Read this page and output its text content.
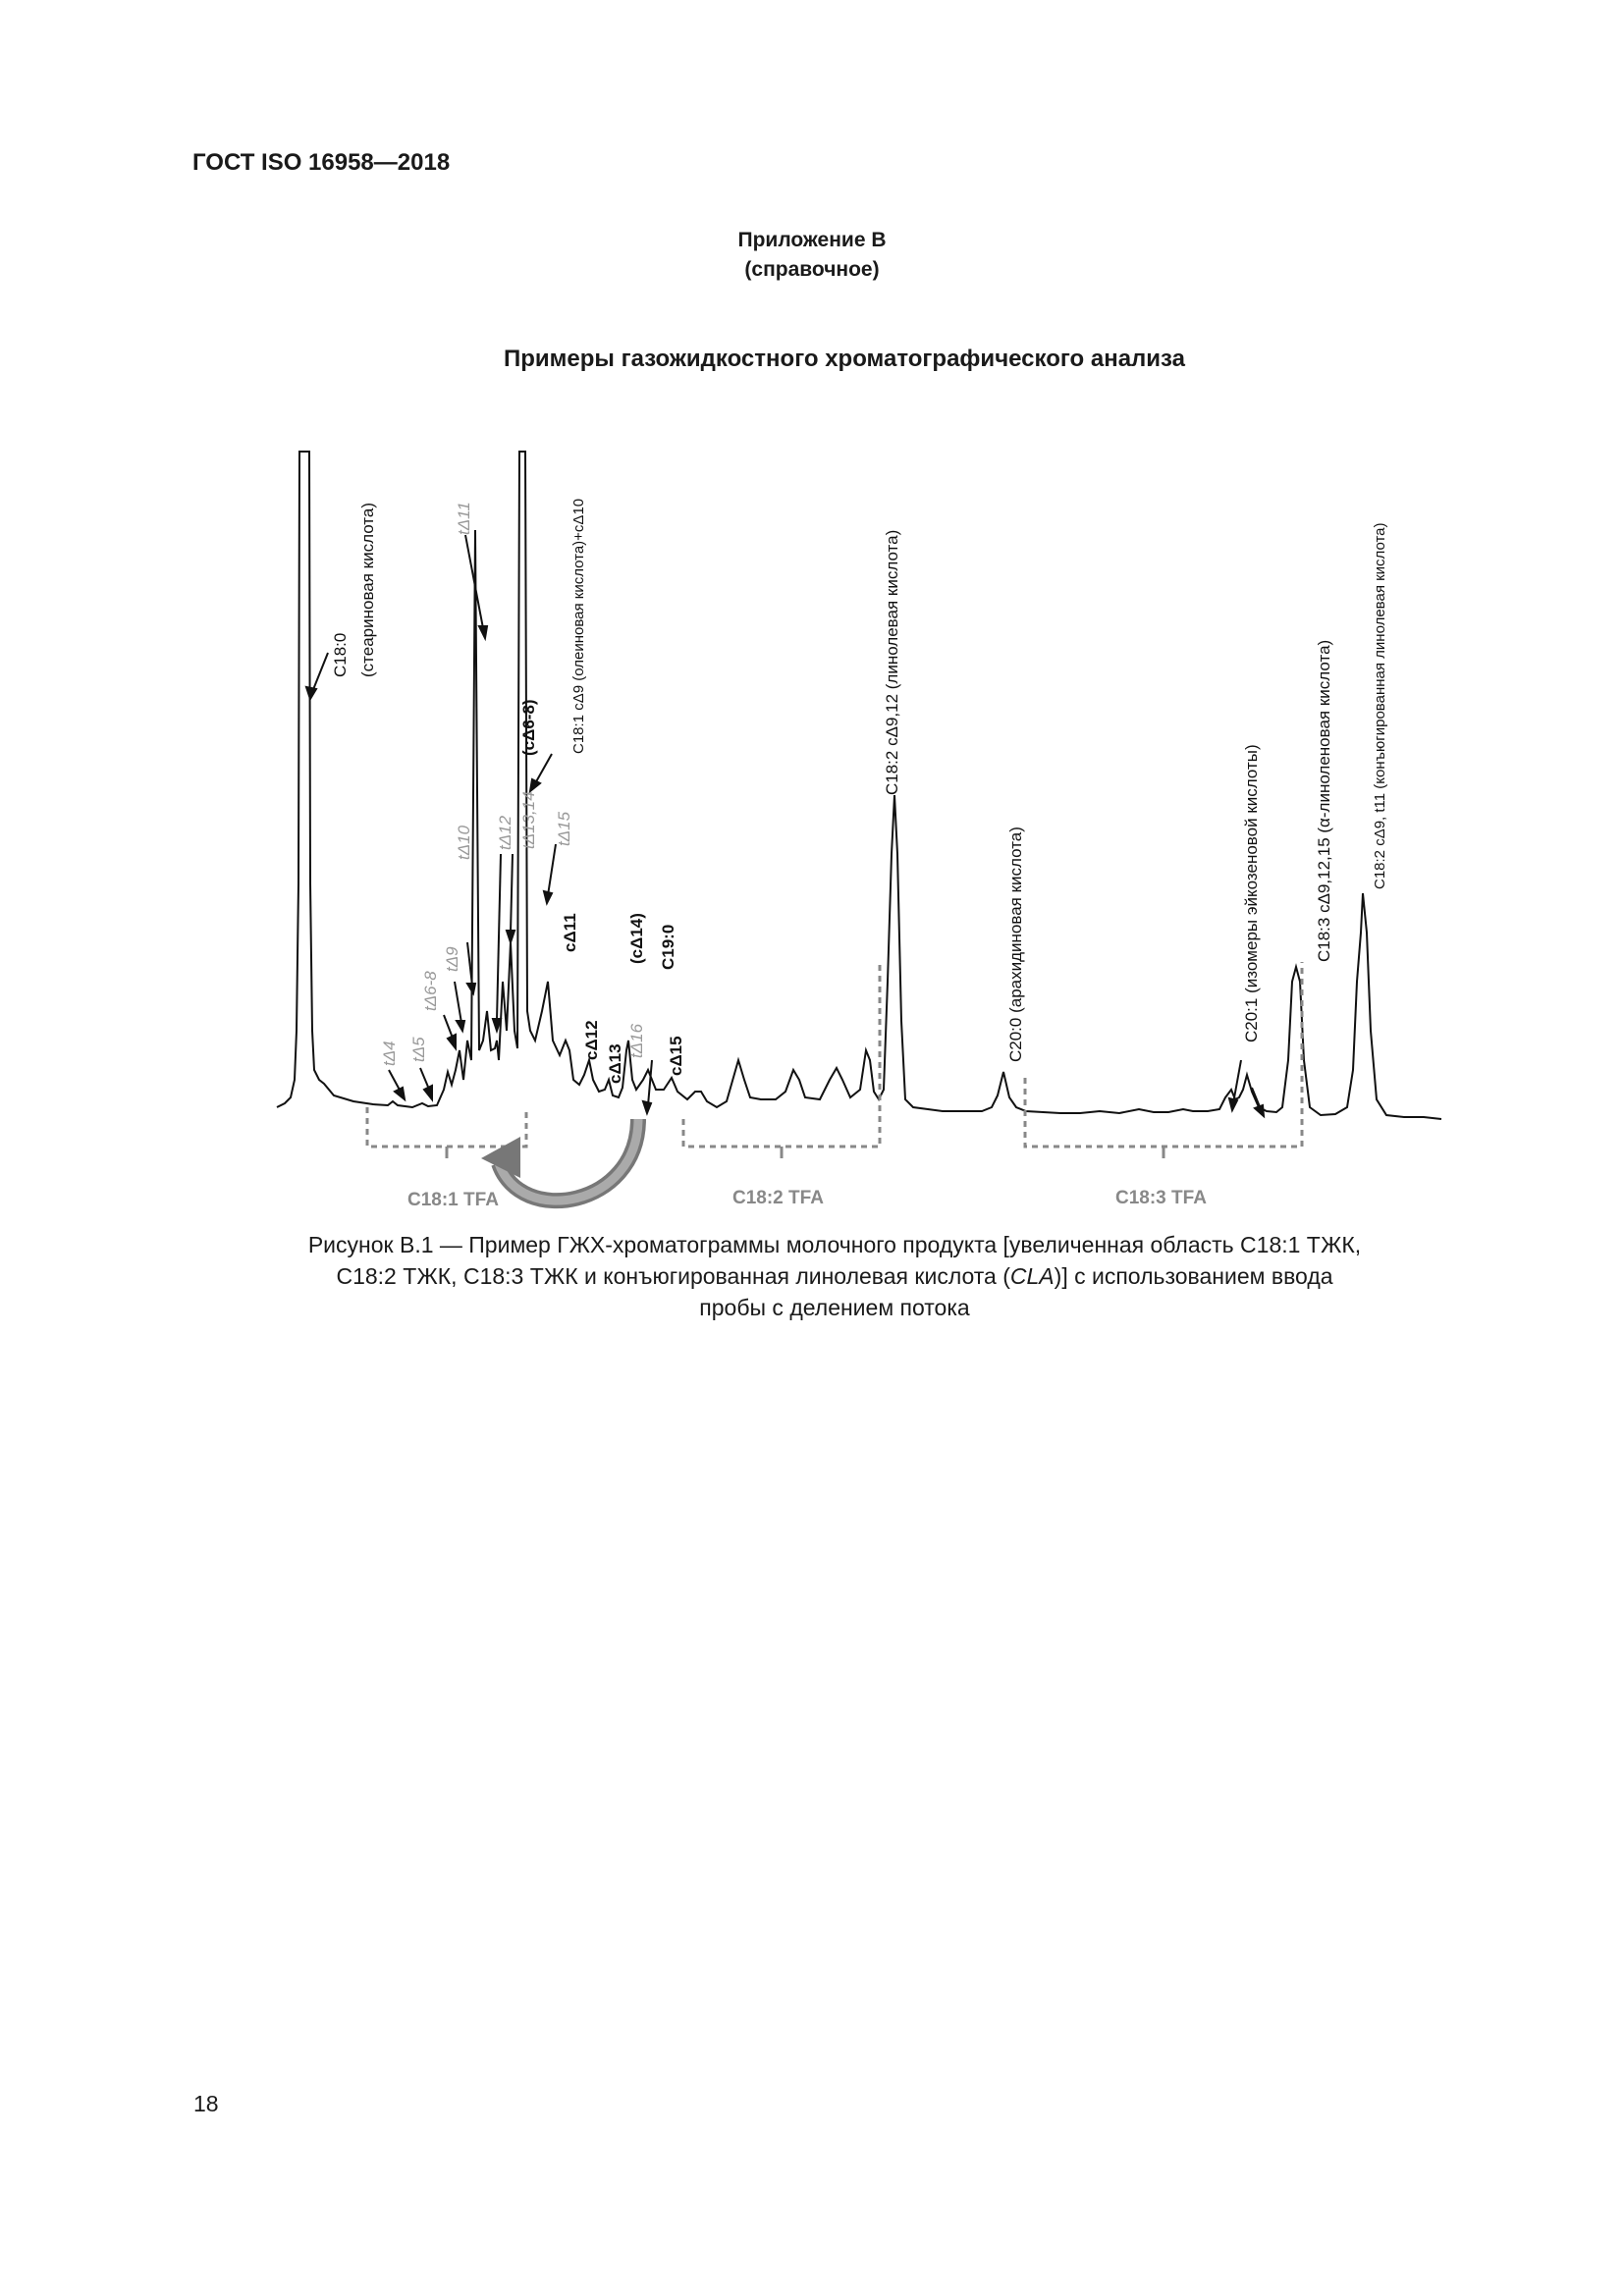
ГОСТ ISO 16958—2018
Приложение В
(справочное)
Примеры газожидкостного хроматографического анализа
C18:1 TFA	C18:2 TFA	C18:3 TFA
C18:0 (стеариновая кислота)	tΔ11	C18:1 cΔ9 (олеиновая кислота)+cΔ10
(cΔ6-8)
tΔ13,14
tΔ12 tΔ15
tΔ10
tΔ9
tΔ6-8
tΔ5
tΔ4
cΔ11
cΔ12
cΔ13
tΔ16
(cΔ14) C19:0
cΔ15
C18:2 cΔ9,12 (линолевая кислота)
C20:0 (арахидиновая кислота)	C20:1 (изомеры эйкозеновой кислоты)	C18:3 cΔ9,12,15 (α-линоленовая кислота)	C18:2 cΔ9, t11 (конъюгированная линолевая кислота)
Рисунок В.1 — Пример ГЖХ-хроматограммы молочного продукта [увеличенная область С18:1 ТЖК,
С18:2 ТЖК, С18:3 ТЖК и конъюгированная линолевая кислота (CLA)] с использованием ввода
пробы с делением потока
18
